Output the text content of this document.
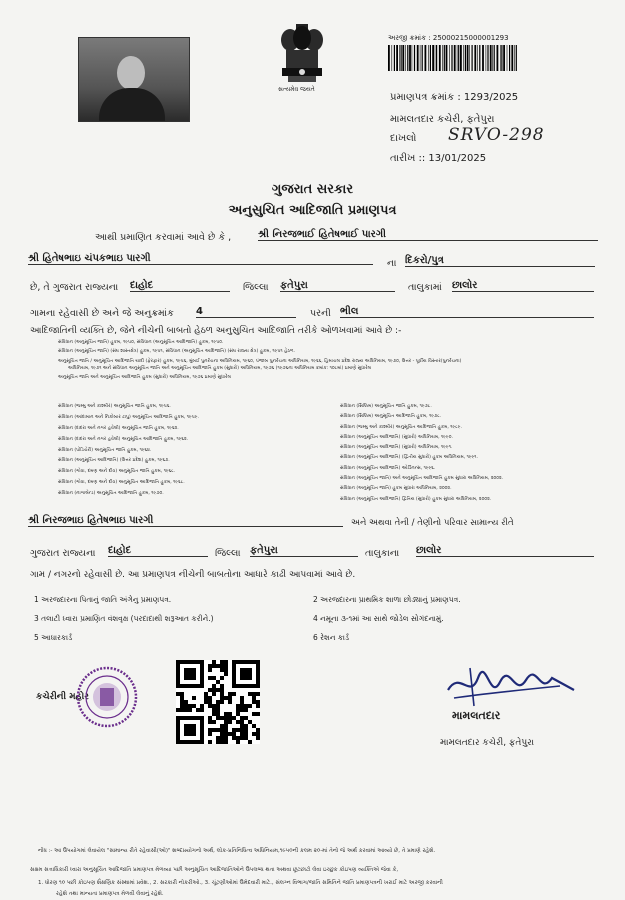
સત્યમેવ જયતે
અરજી ક્રમાંક : 25000215000001293
પ્રમાણપત્ર ક્રમાંક : 1293/2025
મામલતદાર કચેરી, ફતેપુરા
દાખલો SRVO-298
તારીખ :: 13/01/2025
ગુજરાત સરકાર
અનુસુચિત આદિજાતિ પ્રમાણપત્ર
આથી પ્રમાણિત કરવામાં આવે છે કે ,	શ્રી નિરજભાઈ હિતેષભાઈ પારગી
શ્રી હિતેષભાઇ ચંપકભાઇ પારગી	ના દિકરો/પુત્ર
છે, તે ગુજરાત રાજ્યના દાહોદ	જિલ્લા ફતેપુરા	તાલુકામાં છાલોર
ગામના રહેવાસી છે અને જે અનુક્રમાંક 4	પરની ભીલ
આદિજાતિની વ્યક્તિ છે, જેને નીચેની બાબતો હેઠળ અનુસુચિત આદિજાતિ તરીકે ઓળખવામાં આવે છે :-
સંવિધાન (અનુસૂચિત જાતિ) હુકમ, ૧૯૫૦, સંવિધાન (અનુસૂચિત આદિજાતિ) હુકમ, ૧૯૫૦.
સંવિધાન (અનુસૂચિત જાતિ) (સંઘ શાસ્તક્ષેત્ર) હુકમ, ૧૯૫૧, સંવિધાન (અનુસૂચિત આદિજાતિ) (સંઘ રાજ્ય ક્ષેત્ર) હુકમ, ૧૯૫૧ હેઠળ.
અનુસૂચિત જાતિ / અનુસૂચિત આદિજાતિ યાદી (ફેરફાર) હુકમ, ૧૯૫૬, મુંબઈ પુનર્રચના અધિનિયમ, ૧૯૬૦, પંજાબ પુનર્રચના અધિનિયમ, ૧૯૬૬, હિમાચલ પ્રદેશ રાજ્ય અધિનિયમ, ૧૯૭૦, ઉત્તર - પૂર્વીય વિસ્તાર(પુનર્રચના)
અધિનિયમ, ૧૯૭૧ અને સંવિધાન અનુસૂચિત જાતિ અને અનુસૂચિત આદિજાતિ હુકમ (સુધારો) અધિનિયમ, ૧૯૭૬ (૧૯૭૬ના અધિનિયમ ક્રમાંક: ૧૦૮માં) પ્રમાણે સુધારેલ
અનુસૂચિત જાતિ અને અનુસૂચિત આદિજાતિ હુકમ (સુધારો) અધિનિયમ, ૧૯૭૬ પ્રમાણે સુધારેલ
સંવિધાન (જમ્મુ અને કાશ્મીર) અનુસૂચિત જાતિ હુકમ, ૧૯૫૬.
સંવિધાન (આંદામાન અને નિકોબાર ટાપુ) અનુસૂચિત આદિજાતિ હુકમ, ૧૯૫૯.
સંવિધાન (દાદરા અને નગર હવેલી) અનુસૂચિત જાતિ હુકમ, ૧૯૬૨.
સંવિધાન (દાદરા અને નગર હવેલી) અનુસૂચિત આદિજાતિ હુકમ, ૧૯૬૨.
સંવિધાન (પોંડિચેરી) અનુસૂચિત જાતિ હુકમ, ૧૯૬૪.
સંવિધાન (અનુસૂચિત આદિજાતિ) (ઉત્તર પ્રદેશ) હુકમ, ૧૯૬૭.
સંવિધાન (ગોવા, દમણ અને દીવ) અનુસૂચિત જાતિ હુકમ, ૧૯૬૮.
સંવિધાન (ગોવા, દમણ અને દીવ) અનુસૂચિત આદિજાતિ હુકમ, ૧૯૬૮.
સંવિધાન (નાગાલેન્ડ) અનુસૂચિત આદિજાતિ હુકમ, ૧૯૭૦.
સંવિધાન (સિક્કિમ) અનુસૂચિત જાતિ હુકમ, ૧૯૭૮.
સંવિધાન (સિક્કિમ) અનુસૂચિત આદિજાતિ હુકમ, ૧૯૭૮.
સંવિધાન (જમ્મુ અને કાશ્મીર) અનુસૂચિત આદિજાતિ હુકમ, ૧૯૮૯.
સંવિધાન (અનુસૂચિત આદિજાતિ) (સુધારો) અધિનિયમ, ૧૯૯૦.
સંવિધાન (અનુસૂચિત આદિજાતિ) (સુધારો) અધિનિયમ, ૧૯૯૧.
સંવિધાન (અનુસૂચિત આદિજાતિ) (દ્વિતીય સુધારો) હુકમ અધિનિયમ, ૧૯૯૧.
સંવિધાન (અનુસૂચિત આદિજાતિ) ઓર્ડિનન્સ, ૧૯૯૬.
સંવિધાન (અનુસૂચિત જાતિ) અને અનુસૂચિત આદિજાતિ હુકમ સુધારા અધિનિયમ, ૨૦૦૨.
સંવિધાન (અનુસૂચિત જાતિ) હુકમ સુધારા અધિનિયમ, ૨૦૦૨.
સંવિધાન (અનુસૂચિત આદિજાતિ) દ્વિતિય (સુધારો) હુકમ સુધારા અધિનિયમ, ૨૦૦૨.
શ્રી નિરજભાઇ હિતેષભાઇ પારગી	અને અથવા તેની / તેણીનો પરિવાર સામાન્ય રીતે
ગુજરાત રાજ્યના દાહોદ	જિલ્લા ફતેપુરા	તાલુકાના છાલોર
ગામ / નગરનો રહેવાસી છે. આ પ્રમાણપત્ર નીચેની બાબતોના આધારે કાઢી આપવામાં આવે છે.
1 અરજદારના પિતાનું જાતિ અંગેનુ પ્રમાણપત્ર.	2 અરજદારના પ્રાથમિક શાળા છોડ્યાનું પ્રમાણપત્ર.
3 તલાટી ધ્વારા પ્રમાણિત વંશવૃક્ષ (પરદાદાથી શરૂઆત કરીને.)	4 નમૂના ૩-૧માં આ સાથે જોડેલ સોગંદનામું.
5 આધારકાર્ડ	6 રેશન કાર્ડ
કચેરીની મહોર
મામલતદાર
મામલતદાર કચેરી, ફતેપુરા
નોંધ :- આ ઉપયોગમાં લેવાયેલ "સામાન્ય રીતે રહેવાસી(ઓ)" શબ્દપ્રયોગનો અર્થ, લોક-પ્રતિનિધિત્વ અધિનિયમ,૧૯૫૦ની કલમ ૨૦-માં તેનો જે અર્થ કરવામાં આવ્યો છે, તે પ્રમાણે રહેશે.
સક્ષમ સત્તાધિકારી ધ્વારા અનુસૂચિત આદિજાતિ પ્રમાણપત્ર મેળવ્યા પછી અનુસૂચિત આદિજાતિઓને ઉપલબ્ધ થતા અથવા છૂટછાટો લેવા ઇચ્છુક કોઇપણ વ્યક્તિએ જેવા કે,
1. ધોરણ ૧૦ પછી કોઇપણ શૈક્ષણિક સંસ્થામાં પ્રવેશ., 2. સરકારી નોકરીઓ., 3. ચૂંટણીઓમાં ઉમેદવારી માટે., સંલગ્ન વિભાગ/જાતિ સમિતિને જાતિ પ્રમાણપત્રની ખરાઈ માટે અરજી કરવાની
રહેશે તથા માન્યતા પ્રમાણપત્ર મેળવી લેવાનું રહેશે.
